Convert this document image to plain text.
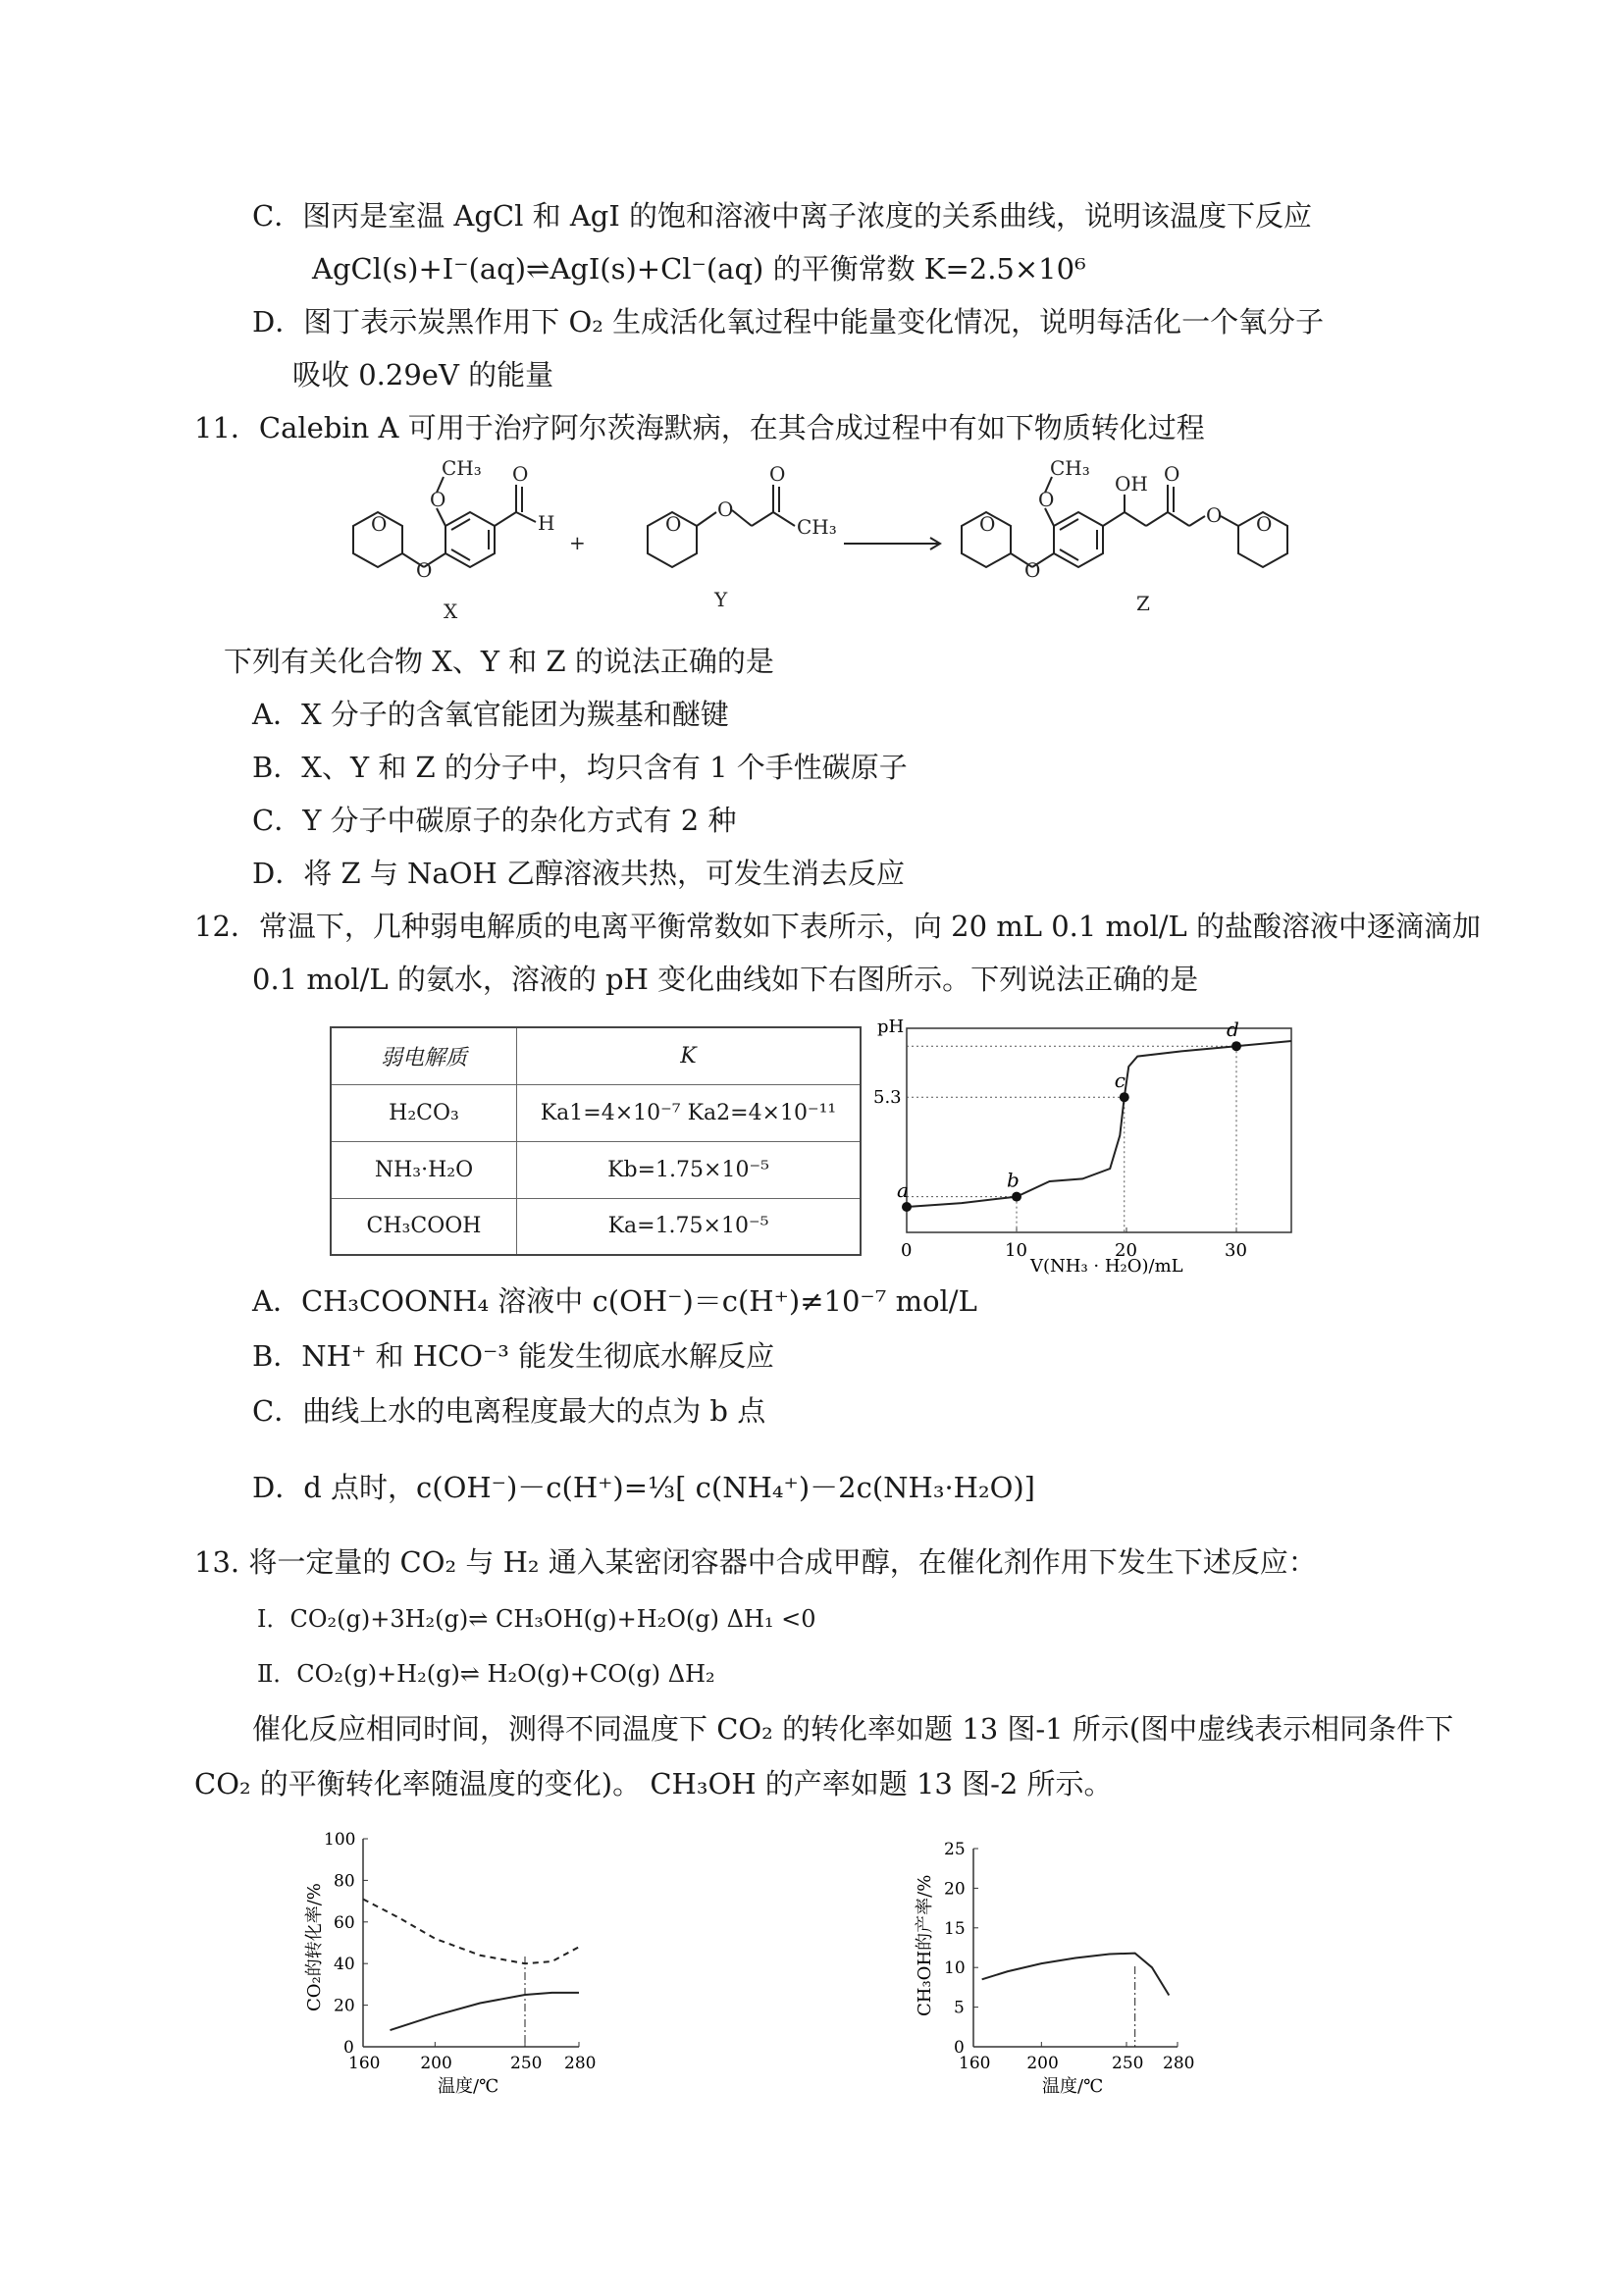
C．图丙是室温 AgCl 和 AgI 的饱和溶液中离子浓度的关系曲线，说明该温度下反应
AgCl(s)+I⁻(aq)⇌AgI(s)+Cl⁻(aq) 的平衡常数 K=2.5×10⁶
D．图丁表示炭黑作用下 O₂ 生成活化氧过程中能量变化情况，说明每活化一个氧分子
吸收 0.29eV 的能量
11．Calebin A 可用于治疗阿尔茨海默病，在其合成过程中有如下物质转化过程
O
O
O
CH₃ O
H
X
+
O
O
O
CH₃
Y
O
O
O
CH₃
OH O
O O
Z
下列有关化合物 X、Y 和 Z 的说法正确的是
A．X 分子的含氧官能团为羰基和醚键
B．X、Y 和 Z 的分子中，均只含有 1 个手性碳原子
C．Y 分子中碳原子的杂化方式有 2 种
D．将 Z 与 NaOH 乙醇溶液共热，可发生消去反应
12．常温下，几种弱电解质的电离平衡常数如下表所示，向 20 mL 0.1 mol/L 的盐酸溶液中逐滴滴加
0.1 mol/L 的氨水，溶液的 pH 变化曲线如下右图所示。下列说法正确的是
弱电解质	K
H₂CO₃	Ka1=4×10⁻⁷ Ka2=4×10⁻¹¹
NH₃·H₂O	Kb=1.75×10⁻⁵
CH₃COOH	Ka=1.75×10⁻⁵
pH
V(NH₃ · H₂O)/mL
0	10	20	30
5.3
a	b
c
d
A．CH₃COONH₄ 溶液中 c(OH⁻)＝c(H⁺)≠10⁻⁷ mol/L
B．NH⁺ 和 HCO⁻³ 能发生彻底水解反应
C．曲线上水的电离程度最大的点为 b 点
D．d 点时，c(OH⁻)－c(H⁺)=⅓[ c(NH₄⁺)－2c(NH₃·H₂O)]
13. 将一定量的 CO₂ 与 H₂ 通入某密闭容器中合成甲醇，在催化剂作用下发生下述反应：
Ⅰ．CO₂(g)+3H₂(g)⇌ CH₃OH(g)+H₂O(g) ΔH₁ <0
Ⅱ．CO₂(g)+H₂(g)⇌ H₂O(g)+CO(g) ΔH₂
催化反应相同时间，测得不同温度下 CO₂ 的转化率如题 13 图-1 所示(图中虚线表示相同条件下
CO₂ 的平衡转化率随温度的变化)。 CH₃OH 的产率如题 13 图-2 所示。
0
20
40
60
80
100
160 200	250 280
温度/℃
CO₂的转化率/%
0
5
10
15
20
25
160 200	250 280
温度/℃
CH₃OH的产率/%
